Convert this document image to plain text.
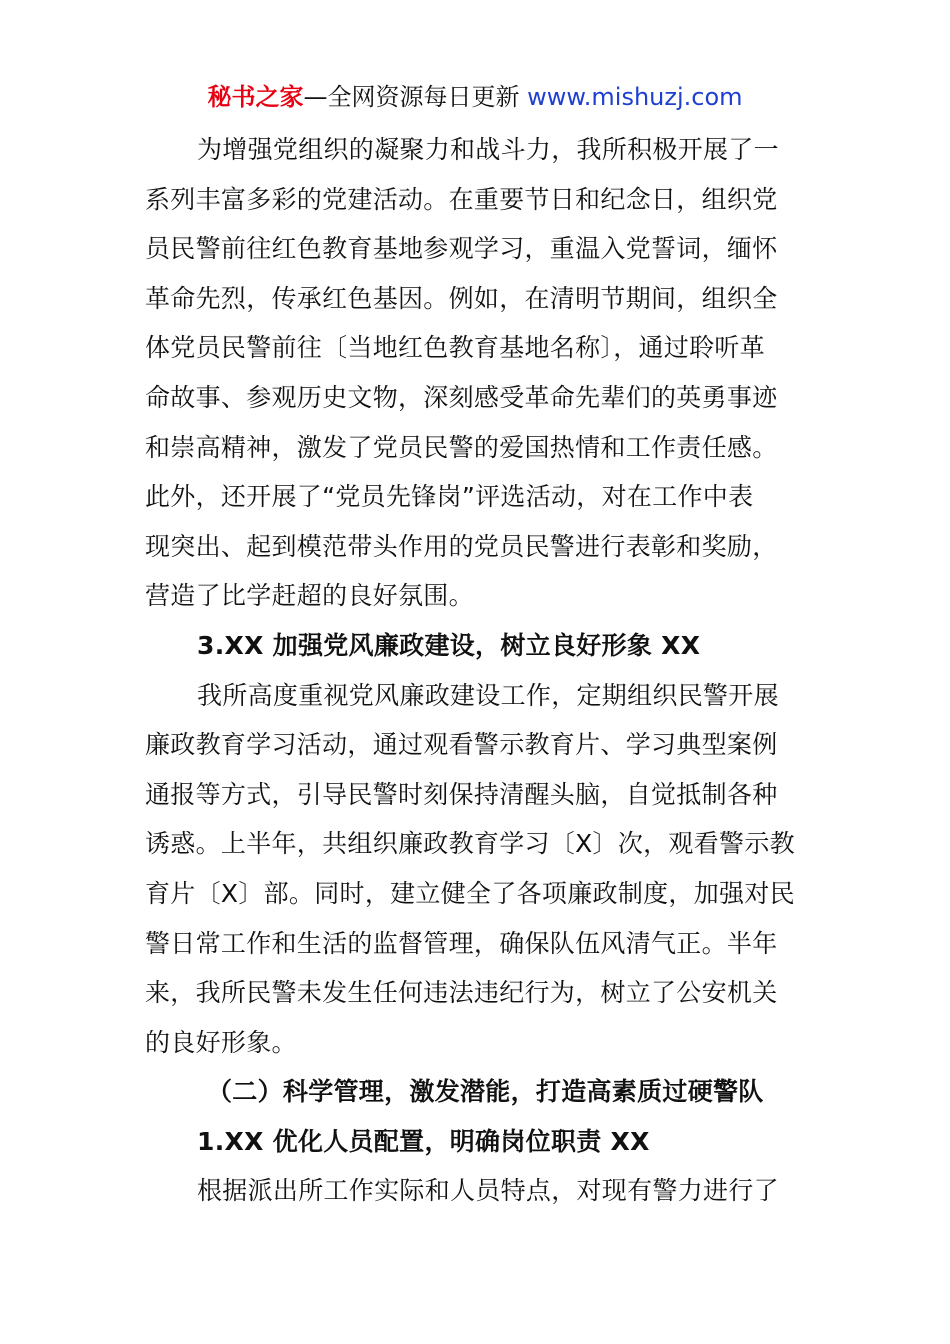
秘书之家—全网资源每日更新 www.mishuzj.com
为增强党组织的凝聚力和战斗力，我所积极开展了一
系列丰富多彩的党建活动。在重要节日和纪念日，组织党
员民警前往红色教育基地参观学习，重温入党誓词，缅怀
革命先烈，传承红色基因。例如，在清明节期间，组织全
体党员民警前往〔当地红色教育基地名称〕，通过聆听革
命故事、参观历史文物，深刻感受革命先辈们的英勇事迹
和崇高精神，激发了党员民警的爱国热情和工作责任感。
此外，还开展了“党员先锋岗”评选活动，对在工作中表
现突出、起到模范带头作用的党员民警进行表彰和奖励，
营造了比学赶超的良好氛围。
3.XX 加强党风廉政建设，树立良好形象 XX
我所高度重视党风廉政建设工作，定期组织民警开展
廉政教育学习活动，通过观看警示教育片、学习典型案例
通报等方式，引导民警时刻保持清醒头脑，自觉抵制各种
诱惑。上半年，共组织廉政教育学习〔X〕次，观看警示教
育片〔X〕部。同时，建立健全了各项廉政制度，加强对民
警日常工作和生活的监督管理，确保队伍风清气正。半年
来，我所民警未发生任何违法违纪行为，树立了公安机关
的良好形象。
（二）科学管理，激发潜能，打造高素质过硬警队
1.XX 优化人员配置，明确岗位职责 XX
根据派出所工作实际和人员特点，对现有警力进行了
